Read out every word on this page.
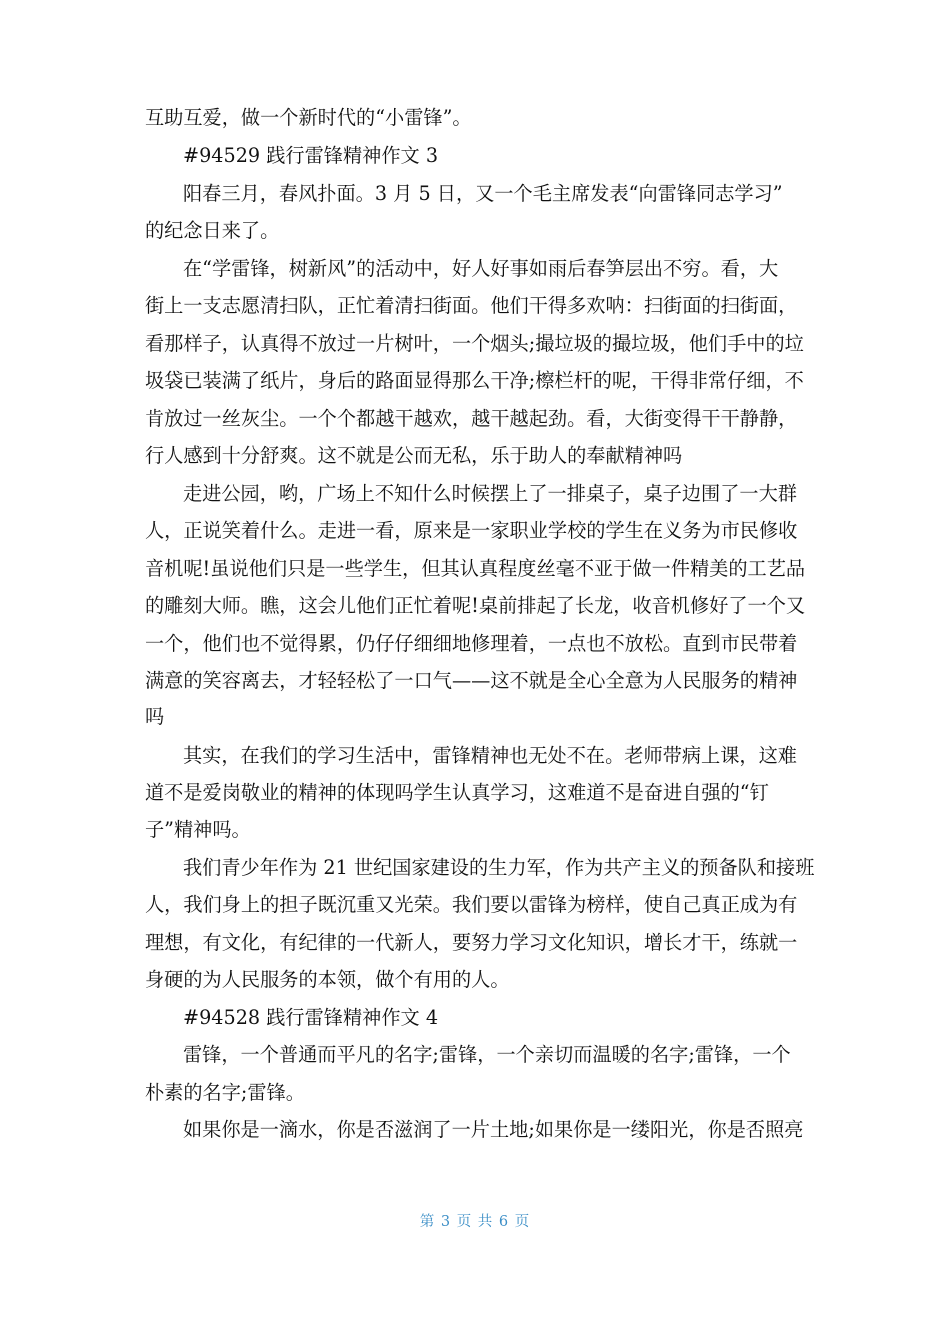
互助互爱，做一个新时代的“小雷锋”。
#94529 践行雷锋精神作文 3
阳春三月，春风扑面。3 月 5 日，又一个毛主席发表“向雷锋同志学习”
的纪念日来了。
在“学雷锋，树新风”的活动中，好人好事如雨后春笋层出不穷。看，大
街上一支志愿清扫队，正忙着清扫街面。他们干得多欢呐：扫街面的扫街面，
看那样子，认真得不放过一片树叶，一个烟头;撮垃圾的撮垃圾，他们手中的垃
圾袋已装满了纸片，身后的路面显得那么干净;檫栏杆的呢，干得非常仔细，不
肯放过一丝灰尘。一个个都越干越欢，越干越起劲。看，大街变得干干静静，
行人感到十分舒爽。这不就是公而无私，乐于助人的奉献精神吗
走进公园，哟，广场上不知什么时候摆上了一排桌子，桌子边围了一大群
人，正说笑着什么。走进一看，原来是一家职业学校的学生在义务为市民修收
音机呢!虽说他们只是一些学生，但其认真程度丝毫不亚于做一件精美的工艺品
的雕刻大师。瞧，这会儿他们正忙着呢!桌前排起了长龙，收音机修好了一个又
一个，他们也不觉得累，仍仔仔细细地修理着，一点也不放松。直到市民带着
满意的笑容离去，才轻轻松了一口气——这不就是全心全意为人民服务的精神
吗
其实，在我们的学习生活中，雷锋精神也无处不在。老师带病上课，这难
道不是爱岗敬业的精神的体现吗学生认真学习，这难道不是奋进自强的“钉
子”精神吗。
我们青少年作为 21 世纪国家建设的生力军，作为共产主义的预备队和接班
人，我们身上的担子既沉重又光荣。我们要以雷锋为榜样，使自己真正成为有
理想，有文化，有纪律的一代新人，要努力学习文化知识，增长才干，练就一
身硬的为人民服务的本领，做个有用的人。
#94528 践行雷锋精神作文 4
雷锋，一个普通而平凡的名字;雷锋，一个亲切而温暖的名字;雷锋，一个
朴素的名字;雷锋。
如果你是一滴水，你是否滋润了一片土地;如果你是一缕阳光，你是否照亮
第 3 页 共 6 页
